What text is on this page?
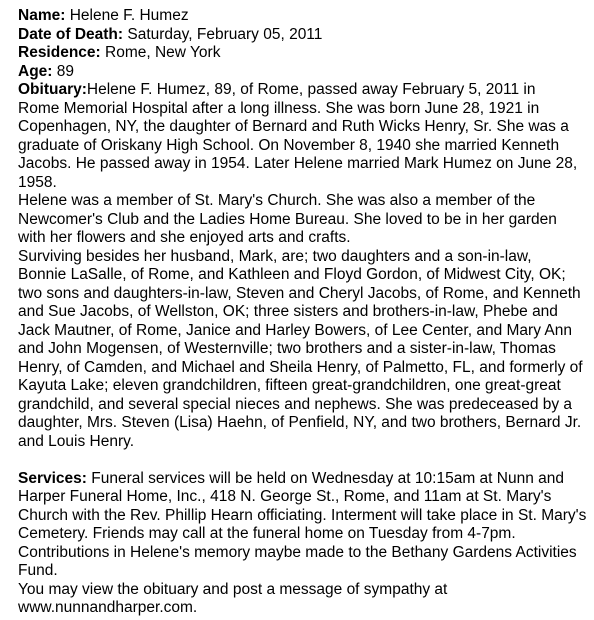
Name: Helene F. Humez
Date of Death: Saturday, February 05, 2011
Residence: Rome, New York
Age: 89
Obituary:Helene F. Humez, 89, of Rome, passed away February 5, 2011 in
Rome Memorial Hospital after a long illness. She was born June 28, 1921 in
Copenhagen, NY, the daughter of Bernard and Ruth Wicks Henry, Sr. She was a
graduate of Oriskany High School. On November 8, 1940 she married Kenneth
Jacobs. He passed away in 1954. Later Helene married Mark Humez on June 28,
1958.
Helene was a member of St. Mary's Church. She was also a member of the
Newcomer's Club and the Ladies Home Bureau. She loved to be in her garden
with her flowers and she enjoyed arts and crafts.
Surviving besides her husband, Mark, are; two daughters and a son-in-law,
Bonnie LaSalle, of Rome, and Kathleen and Floyd Gordon, of Midwest City, OK;
two sons and daughters-in-law, Steven and Cheryl Jacobs, of Rome, and Kenneth
and Sue Jacobs, of Wellston, OK; three sisters and brothers-in-law, Phebe and
Jack Mautner, of Rome, Janice and Harley Bowers, of Lee Center, and Mary Ann
and John Mogensen, of Westernville; two brothers and a sister-in-law, Thomas
Henry, of Camden, and Michael and Sheila Henry, of Palmetto, FL, and formerly of
Kayuta Lake; eleven grandchildren, fifteen great-grandchildren, one great-great
grandchild, and several special nieces and nephews. She was predeceased by a
daughter, Mrs. Steven (Lisa) Haehn, of Penfield, NY, and two brothers, Bernard Jr.
and Louis Henry.
Services: Funeral services will be held on Wednesday at 10:15am at Nunn and
Harper Funeral Home, Inc., 418 N. George St., Rome, and 11am at St. Mary's
Church with the Rev. Phillip Hearn officiating. Interment will take place in St. Mary's
Cemetery. Friends may call at the funeral home on Tuesday from 4-7pm.
Contributions in Helene's memory maybe made to the Bethany Gardens Activities
Fund.
You may view the obituary and post a message of sympathy at
www.nunnandharper.com.
